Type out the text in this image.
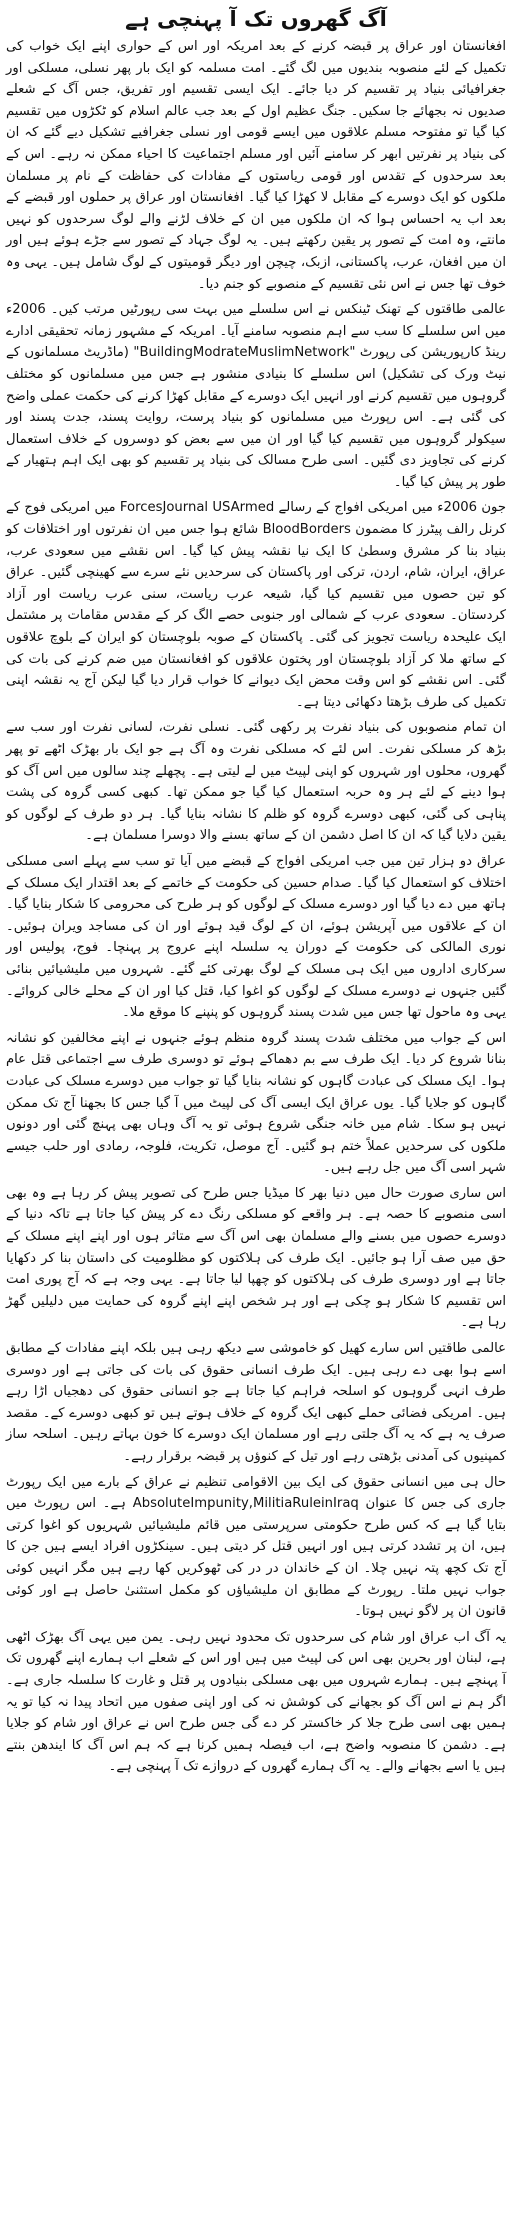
آگ گھروں تک آ پہنچی ہے

افغانستان اور عراق پر قبضہ کرنے کے بعد امریکہ اور اس کے حواری اپنے ایک خواب کی تکمیل کے لئے منصوبہ بندیوں میں لگ گئے۔ امت مسلمہ کو ایک بار پھر نسلی، مسلکی اور جغرافیائی بنیاد پر تقسیم کر دیا جائے۔ ایک ایسی تقسیم اور تفریق، جس آگ کے شعلے صدیوں نہ بجھائے جا سکیں۔ جنگ عظیم اول کے بعد جب عالم اسلام کو ٹکڑوں میں تقسیم کیا گیا تو مفتوحہ مسلم علاقوں میں ایسے قومی اور نسلی جغرافیے تشکیل دیے گئے کہ ان کی بنیاد پر نفرتیں ابھر کر سامنے آئیں اور مسلم اجتماعیت کا احیاء ممکن نہ رہے۔ اس کے بعد سرحدوں کے تقدس اور قومی ریاستوں کے مفادات کی حفاظت کے نام پر مسلمان ملکوں کو ایک دوسرے کے مقابل لا کھڑا کیا گیا۔ افغانستان اور عراق پر حملوں اور قبضے کے بعد اب یہ احساس ہوا کہ ان ملکوں میں ان کے خلاف لڑنے والے لوگ سرحدوں کو نہیں مانتے، وہ امت کے تصور پر یقین رکھتے ہیں۔ یہ لوگ جہاد کے تصور سے جڑے ہوئے ہیں اور ان میں افغان، عرب، پاکستانی، ازبک، چیچن اور دیگر قومیتوں کے لوگ شامل ہیں۔ یہی وہ خوف تھا جس نے اس نئی تقسیم کے منصوبے کو جنم دیا۔

عالمی طاقتوں کے تھنک ٹینکس نے اس سلسلے میں بہت سی رپورٹیں مرتب کیں۔ 2006ء میں اس سلسلے کا سب سے اہم منصوبہ سامنے آیا۔ امریکہ کے مشہور زمانہ تحقیقی ادارے رینڈ کارپوریشن کی رپورٹ "BuildingModrateMuslimNetwork" (ماڈریٹ مسلمانوں کے نیٹ ورک کی تشکیل) اس سلسلے کا بنیادی منشور ہے جس میں مسلمانوں کو مختلف گروہوں میں تقسیم کرنے اور انہیں ایک دوسرے کے مقابل کھڑا کرنے کی حکمت عملی واضح کی گئی ہے۔ اس رپورٹ میں مسلمانوں کو بنیاد پرست، روایت پسند، جدت پسند اور سیکولر گروہوں میں تقسیم کیا گیا اور ان میں سے بعض کو دوسروں کے خلاف استعمال کرنے کی تجاویز دی گئیں۔ اسی طرح مسالک کی بنیاد پر تقسیم کو بھی ایک اہم ہتھیار کے طور پر پیش کیا گیا۔

جون 2006ء میں امریکی افواج کے رسالے ForcesJournal USArmed میں امریکی فوج کے کرنل رالف پیٹرز کا مضمون BloodBorders شائع ہوا جس میں ان نفرتوں اور اختلافات کو بنیاد بنا کر مشرق وسطیٰ کا ایک نیا نقشہ پیش کیا گیا۔ اس نقشے میں سعودی عرب، عراق، ایران، شام، اردن، ترکی اور پاکستان کی سرحدیں نئے سرے سے کھینچی گئیں۔ عراق کو تین حصوں میں تقسیم کیا گیا، شیعہ عرب ریاست، سنی عرب ریاست اور آزاد کردستان۔ سعودی عرب کے شمالی اور جنوبی حصے الگ کر کے مقدس مقامات پر مشتمل ایک علیحدہ ریاست تجویز کی گئی۔ پاکستان کے صوبہ بلوچستان کو ایران کے بلوچ علاقوں کے ساتھ ملا کر آزاد بلوچستان اور پختون علاقوں کو افغانستان میں ضم کرنے کی بات کی گئی۔ اس نقشے کو اس وقت محض ایک دیوانے کا خواب قرار دیا گیا لیکن آج یہ نقشہ اپنی تکمیل کی طرف بڑھتا دکھائی دیتا ہے۔

ان تمام منصوبوں کی بنیاد نفرت پر رکھی گئی۔ نسلی نفرت، لسانی نفرت اور سب سے بڑھ کر مسلکی نفرت۔ اس لئے کہ مسلکی نفرت وہ آگ ہے جو ایک بار بھڑک اٹھے تو پھر گھروں، محلوں اور شہروں کو اپنی لپیٹ میں لے لیتی ہے۔ پچھلے چند سالوں میں اس آگ کو ہوا دینے کے لئے ہر وہ حربہ استعمال کیا گیا جو ممکن تھا۔ کبھی کسی گروہ کی پشت پناہی کی گئی، کبھی دوسرے گروہ کو ظلم کا نشانہ بنایا گیا۔ ہر دو طرف کے لوگوں کو یقین دلایا گیا کہ ان کا اصل دشمن ان کے ساتھ بسنے والا دوسرا مسلمان ہے۔

عراق دو ہزار تین میں جب امریکی افواج کے قبضے میں آیا تو سب سے پہلے اسی مسلکی اختلاف کو استعمال کیا گیا۔ صدام حسین کی حکومت کے خاتمے کے بعد اقتدار ایک مسلک کے ہاتھ میں دے دیا گیا اور دوسرے مسلک کے لوگوں کو ہر طرح کی محرومی کا شکار بنایا گیا۔ ان کے علاقوں میں آپریشن ہوئے، ان کے لوگ قید ہوئے اور ان کی مساجد ویران ہوئیں۔ نوری المالکی کی حکومت کے دوران یہ سلسلہ اپنے عروج پر پہنچا۔ فوج، پولیس اور سرکاری اداروں میں ایک ہی مسلک کے لوگ بھرتی کئے گئے۔ شہروں میں ملیشیائیں بنائی گئیں جنہوں نے دوسرے مسلک کے لوگوں کو اغوا کیا، قتل کیا اور ان کے محلے خالی کروائے۔ یہی وہ ماحول تھا جس میں شدت پسند گروہوں کو پنپنے کا موقع ملا۔

اس کے جواب میں مختلف شدت پسند گروہ منظم ہوئے جنہوں نے اپنے مخالفین کو نشانہ بنانا شروع کر دیا۔ ایک طرف سے بم دھماکے ہوئے تو دوسری طرف سے اجتماعی قتل عام ہوا۔ ایک مسلک کی عبادت گاہوں کو نشانہ بنایا گیا تو جواب میں دوسرے مسلک کی عبادت گاہوں کو جلایا گیا۔ یوں عراق ایک ایسی آگ کی لپیٹ میں آ گیا جس کا بجھنا آج تک ممکن نہیں ہو سکا۔ شام میں خانہ جنگی شروع ہوئی تو یہ آگ وہاں بھی پہنچ گئی اور دونوں ملکوں کی سرحدیں عملاً ختم ہو گئیں۔ آج موصل، تکریت، فلوجہ، رمادی اور حلب جیسے شہر اسی آگ میں جل رہے ہیں۔

اس ساری صورت حال میں دنیا بھر کا میڈیا جس طرح کی تصویر پیش کر رہا ہے وہ بھی اسی منصوبے کا حصہ ہے۔ ہر واقعے کو مسلکی رنگ دے کر پیش کیا جاتا ہے تاکہ دنیا کے دوسرے حصوں میں بسنے والے مسلمان بھی اس آگ سے متاثر ہوں اور اپنے اپنے مسلک کے حق میں صف آرا ہو جائیں۔ ایک طرف کی ہلاکتوں کو مظلومیت کی داستان بنا کر دکھایا جاتا ہے اور دوسری طرف کی ہلاکتوں کو چھپا لیا جاتا ہے۔ یہی وجہ ہے کہ آج پوری امت اس تقسیم کا شکار ہو چکی ہے اور ہر شخص اپنے اپنے گروہ کی حمایت میں دلیلیں گھڑ رہا ہے۔

عالمی طاقتیں اس سارے کھیل کو خاموشی سے دیکھ رہی ہیں بلکہ اپنے مفادات کے مطابق اسے ہوا بھی دے رہی ہیں۔ ایک طرف انسانی حقوق کی بات کی جاتی ہے اور دوسری طرف انہی گروہوں کو اسلحہ فراہم کیا جاتا ہے جو انسانی حقوق کی دھجیاں اڑا رہے ہیں۔ امریکی فضائی حملے کبھی ایک گروہ کے خلاف ہوتے ہیں تو کبھی دوسرے کے۔ مقصد صرف یہ ہے کہ یہ آگ جلتی رہے اور مسلمان ایک دوسرے کا خون بہاتے رہیں۔ اسلحہ ساز کمپنیوں کی آمدنی بڑھتی رہے اور تیل کے کنوؤں پر قبضہ برقرار رہے۔

حال ہی میں انسانی حقوق کی ایک بین الاقوامی تنظیم نے عراق کے بارے میں ایک رپورٹ جاری کی جس کا عنوان AbsoluteImpunity,MilitiaRuleinIraq ہے۔ اس رپورٹ میں بتایا گیا ہے کہ کس طرح حکومتی سرپرستی میں قائم ملیشیائیں شہریوں کو اغوا کرتی ہیں، ان پر تشدد کرتی ہیں اور انہیں قتل کر دیتی ہیں۔ سینکڑوں افراد ایسے ہیں جن کا آج تک کچھ پتہ نہیں چلا۔ ان کے خاندان در در کی ٹھوکریں کھا رہے ہیں مگر انہیں کوئی جواب نہیں ملتا۔ رپورٹ کے مطابق ان ملیشیاؤں کو مکمل استثنیٰ حاصل ہے اور کوئی قانون ان پر لاگو نہیں ہوتا۔

یہ آگ اب عراق اور شام کی سرحدوں تک محدود نہیں رہی۔ یمن میں یہی آگ بھڑک اٹھی ہے، لبنان اور بحرین بھی اس کی لپیٹ میں ہیں اور اس کے شعلے اب ہمارے اپنے گھروں تک آ پہنچے ہیں۔ ہمارے شہروں میں بھی مسلکی بنیادوں پر قتل و غارت کا سلسلہ جاری ہے۔ اگر ہم نے اس آگ کو بجھانے کی کوشش نہ کی اور اپنی صفوں میں اتحاد پیدا نہ کیا تو یہ ہمیں بھی اسی طرح جلا کر خاکستر کر دے گی جس طرح اس نے عراق اور شام کو جلایا ہے۔ دشمن کا منصوبہ واضح ہے، اب فیصلہ ہمیں کرنا ہے کہ ہم اس آگ کا ایندھن بنتے ہیں یا اسے بجھانے والے۔ یہ آگ ہمارے گھروں کے دروازے تک آ پہنچی ہے۔
